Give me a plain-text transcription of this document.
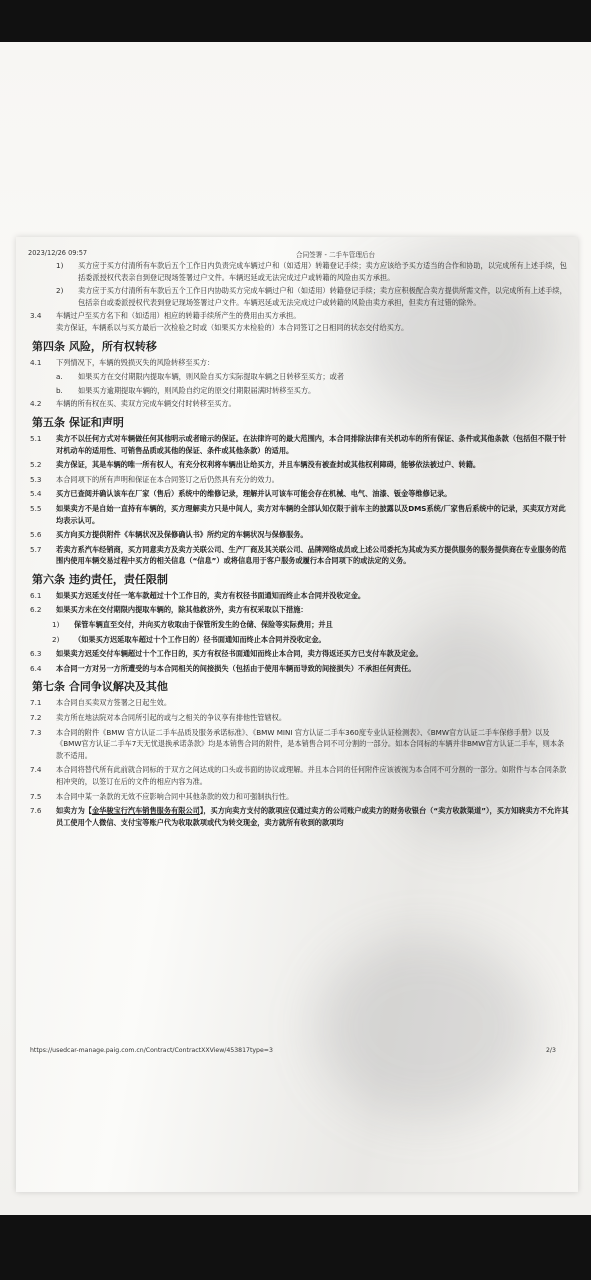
2023/12/26 09:57	合同签署 - 二手车管理后台
1)	买方应于买方付清所有车款后五个工作日内负责完成车辆过户和（如适用）转籍登记手续；卖方应该给予买方适当的合作和协助，以完成所有上述手续，包括委派授权代表亲自到登记现场签署过户文件。车辆迟延或无法完成过户或转籍的风险由买方承担。
2)	卖方应于买方付清所有车款后五个工作日内协助买方完成车辆过户和（如适用）转籍登记手续；卖方应积极配合卖方提供所需文件，以完成所有上述手续，包括亲自或委派授权代表到登记现场签署过户文件。车辆迟延或无法完成过户或转籍的风险由卖方承担，但卖方有过错的除外。
3.4	车辆过户至买方名下和（如适用）相应的转籍手续所产生的费用由买方承担。
卖方保证，车辆系以与买方最后一次检验之时或（如果买方未检验的）本合同签订之日相同的状态交付给买方。
第四条 风险，所有权转移
4.1	下列情况下，车辆的毁损灭失的风险转移至买方：
a.	如果买方在交付期限内提取车辆，则风险自买方实际提取车辆之日转移至买方；或者
b.	如果买方逾期提取车辆的，则风险自约定的原交付期限届满时转移至买方。
4.2	车辆的所有权在买、卖双方完成车辆交付时转移至买方。
第五条 保证和声明
5.1	卖方不以任何方式对车辆做任何其他明示或者暗示的保证。在法律许可的最大范围内，本合同排除法律有关机动车的所有保证、条件或其他条款（包括但不限于针对机动车的适用性、可销售品质或其他的保证、条件或其他条款）的适用。
5.2	卖方保证，其是车辆的唯一所有权人，有充分权利将车辆出让给买方，并且车辆没有被查封或其他权利障碍，能够依法被过户、转籍。
5.3	本合同项下的所有声明和保证在本合同签订之后仍然具有充分的效力。
5.4	买方已查阅并确认该车在厂家（售后）系统中的维修记录，理解并认可该车可能会存在机械、电气、油漆、钣金等维修记录。
5.5	如果卖方不是自始一直持有车辆的，买方理解卖方只是中间人，卖方对车辆的全部认知仅限于前车主的披露以及DMS系统/厂家售后系统中的记录，买卖双方对此均表示认可。
5.6	买方向买方提供附件《车辆状况及保修确认书》所约定的车辆状况与保修服务。
5.7	若卖方系汽车经销商，买方同意卖方及卖方关联公司、生产厂商及其关联公司、品牌网络成员或上述公司委托为其或为买方提供服务的服务提供商在专业服务的范围内使用车辆交易过程中买方的相关信息（“信息”）或将信息用于客户服务或履行本合同项下的或法定的义务。
第六条 违约责任，责任限制
6.1	如果买方迟延支付任一笔车款超过十个工作日的，卖方有权径书面通知而终止本合同并没收定金。
6.2	如果买方未在交付期限内提取车辆的，除其他救济外，卖方有权采取以下措施：
1)	保管车辆直至交付，并向买方收取由于保管所发生的仓储、保险等实际费用；并且
2)	（如果买方迟延取车超过十个工作日的）径书面通知而终止本合同并没收定金。
6.3	如果卖方迟延交付车辆超过十个工作日的，买方有权径书面通知而终止本合同，卖方得返还买方已支付车款及定金。
6.4	本合同一方对另一方所遭受的与本合同相关的间接损失（包括由于使用车辆而导致的间接损失）不承担任何责任。
第七条 合同争议解决及其他
7.1	本合同自买卖双方签署之日起生效。
7.2	卖方所在地法院对本合同所引起的或与之相关的争议享有排他性管辖权。
7.3	本合同的附件《BMW 官方认证二手车品质及服务承诺标准》、《BMW MINI 官方认证二手车360度专业认证检测表》、《BMW官方认证二手车保修手册》以及《BMW官方认证二手车7天无忧退换承诺条款》均是本销售合同的附件，是本销售合同不可分割的一部分。如本合同标的车辆并非BMW官方认证二手车，则本条款不适用。
7.4	本合同将替代所有此前就合同标的于双方之间达成的口头或书面的协议或理解。并且本合同的任何附件应该被视为本合同不可分割的一部分。如附件与本合同条款相冲突的，以签订在后的文件的相应内容为准。
7.5	本合同中某一条款的无效不应影响合同中其他条款的效力和可强制执行性。
7.6	如卖方为【金华骏宝行汽车销售服务有限公司】，买方向卖方支付的款项应仅通过卖方的公司账户或卖方的财务收银台（“卖方收款渠道”），买方知晓卖方不允许其员工使用个人微信、支付宝等账户代为收取款项或代为转交现金，卖方就所有收到的款项均
https://usedcar-manage.paig.com.cn/Contract/ContractXXView/453817type=3	2/3
